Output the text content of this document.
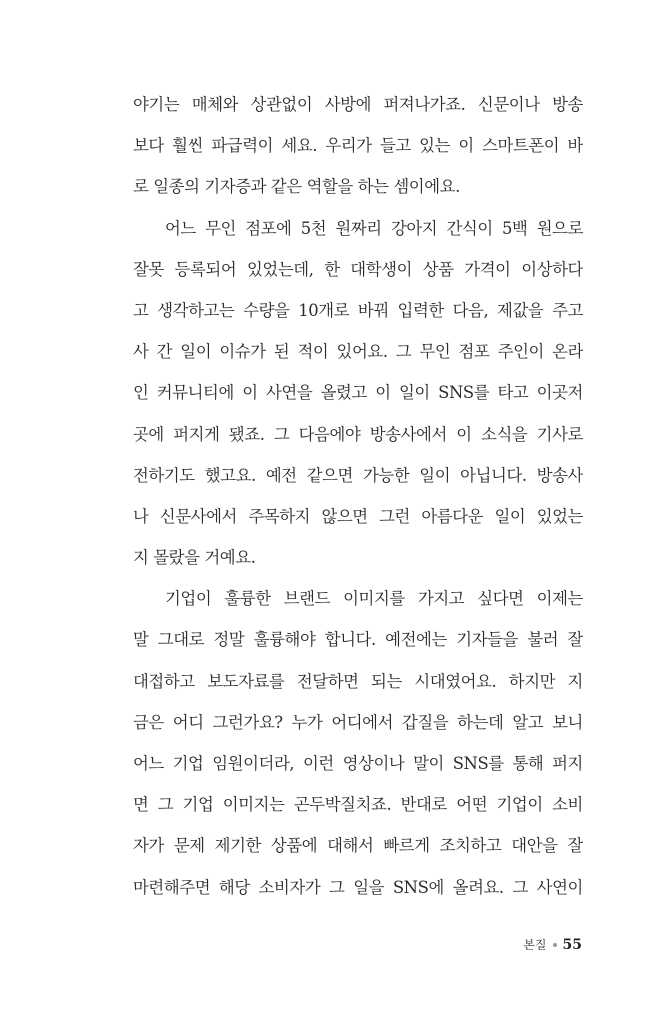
야기는 매체와 상관없이 사방에 퍼져나가죠. 신문이나 방송
보다 훨씬 파급력이 세요. 우리가 들고 있는 이 스마트폰이 바
로 일종의 기자증과 같은 역할을 하는 셈이에요.
어느 무인 점포에 5천 원짜리 강아지 간식이 5백 원으로
잘못 등록되어 있었는데, 한 대학생이 상품 가격이 이상하다
고 생각하고는 수량을 10개로 바꿔 입력한 다음, 제값을 주고
사 간 일이 이슈가 된 적이 있어요. 그 무인 점포 주인이 온라
인 커뮤니티에 이 사연을 올렸고 이 일이 SNS를 타고 이곳저
곳에 퍼지게 됐죠. 그 다음에야 방송사에서 이 소식을 기사로
전하기도 했고요. 예전 같으면 가능한 일이 아닙니다. 방송사
나 신문사에서 주목하지 않으면 그런 아름다운 일이 있었는
지 몰랐을 거예요.
기업이 훌륭한 브랜드 이미지를 가지고 싶다면 이제는
말 그대로 정말 훌륭해야 합니다. 예전에는 기자들을 불러 잘
대접하고 보도자료를 전달하면 되는 시대였어요. 하지만 지
금은 어디 그런가요? 누가 어디에서 갑질을 하는데 알고 보니
어느 기업 임원이더라, 이런 영상이나 말이 SNS를 통해 퍼지
면 그 기업 이미지는 곤두박질치죠. 반대로 어떤 기업이 소비
자가 문제 제기한 상품에 대해서 빠르게 조치하고 대안을 잘
마련해주면 해당 소비자가 그 일을 SNS에 올려요. 그 사연이
본질 55
